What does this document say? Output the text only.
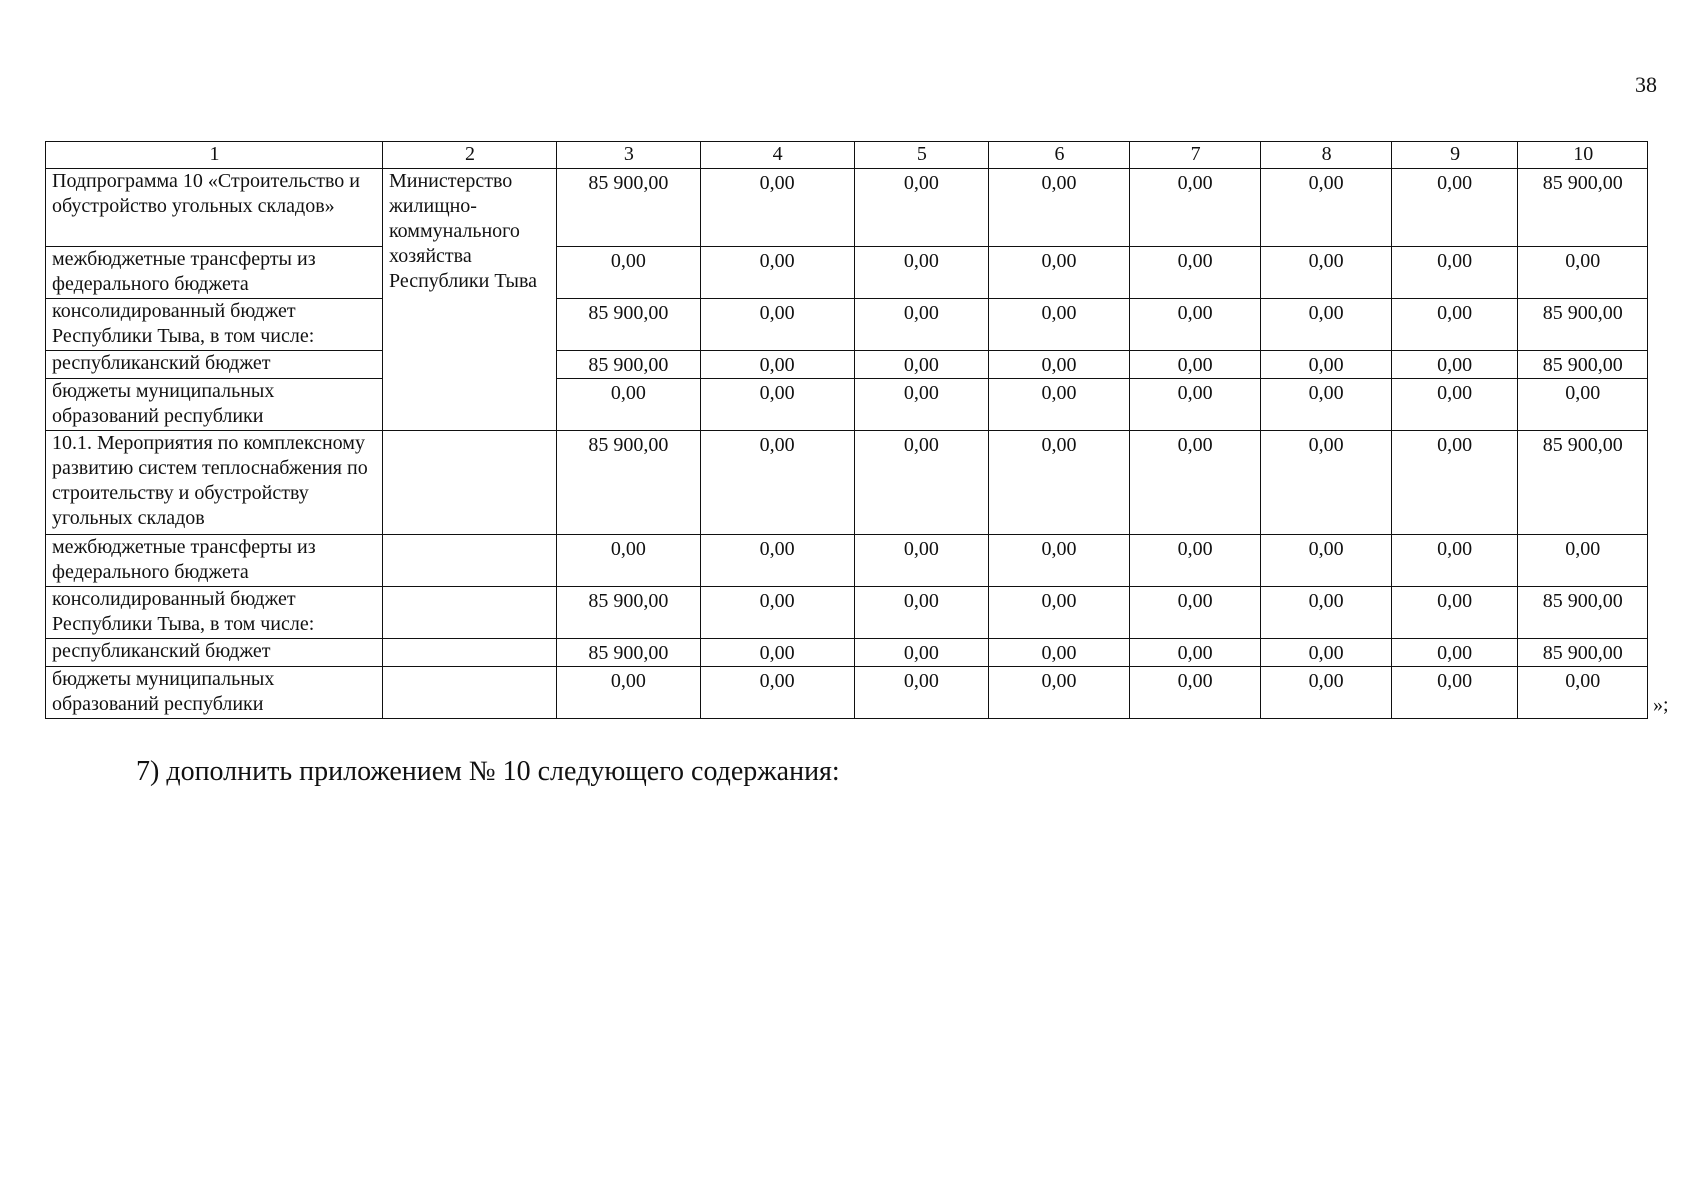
38
1	2	3	4	5	6	7	8	9	10
Подпрограмма 10 «Строительство и обустройство угольных складов»	Министерство жилищно-коммунального хозяйства Республики Тыва	85 900,00	0,00	0,00	0,00	0,00	0,00	0,00	85 900,00
межбюджетные трансферты из федерального бюджета		0,00	0,00	0,00	0,00	0,00	0,00	0,00	0,00
консолидированный бюджет Республики Тыва, в том числе:		85 900,00	0,00	0,00	0,00	0,00	0,00	0,00	85 900,00
республиканский бюджет		85 900,00	0,00	0,00	0,00	0,00	0,00	0,00	85 900,00
бюджеты муниципальных образований республики		0,00	0,00	0,00	0,00	0,00	0,00	0,00	0,00
10.1. Мероприятия по комплексному развитию систем теплоснабжения по строительству и обустройству угольных складов		85 900,00	0,00	0,00	0,00	0,00	0,00	0,00	85 900,00
межбюджетные трансферты из федерального бюджета		0,00	0,00	0,00	0,00	0,00	0,00	0,00	0,00
консолидированный бюджет Республики Тыва, в том числе:		85 900,00	0,00	0,00	0,00	0,00	0,00	0,00	85 900,00
республиканский бюджет		85 900,00	0,00	0,00	0,00	0,00	0,00	0,00	85 900,00
бюджеты муниципальных образований республики		0,00	0,00	0,00	0,00	0,00	0,00	0,00	0,00
»;
7) дополнить приложением № 10 следующего содержания:
